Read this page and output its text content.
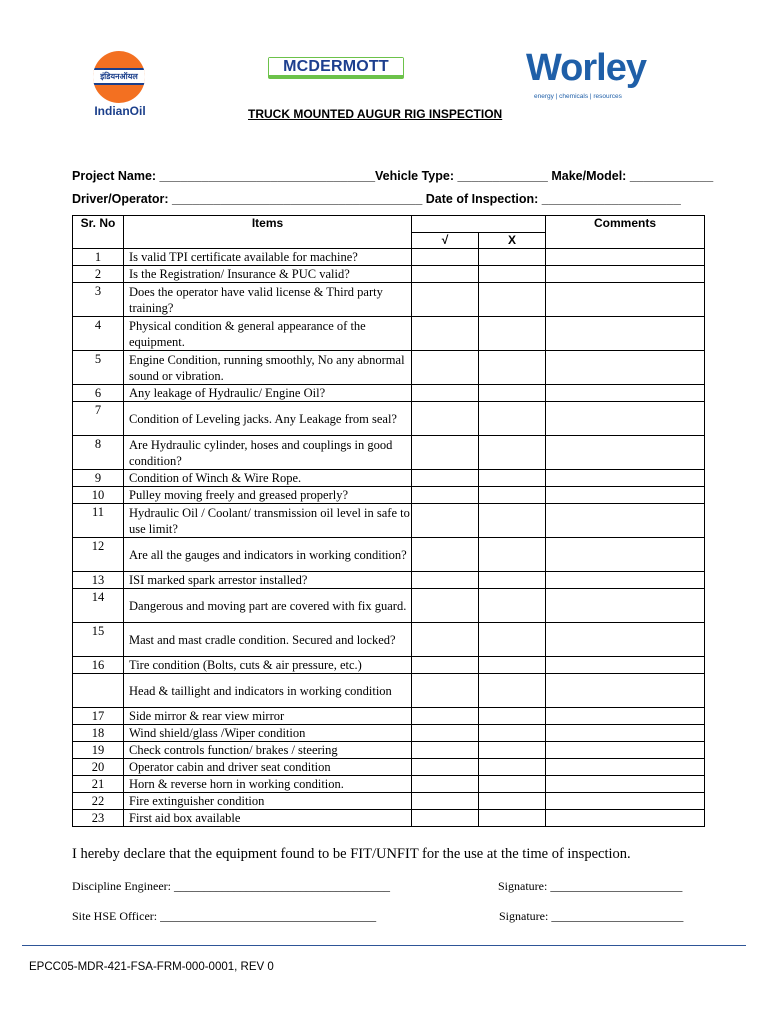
इंडियनऑयल
IndianOil
MCDERMOTT	Worley
energy | chemicals | resources
TRUCK MOUNTED AUGUR RIG INSPECTION
Project Name: _______________________________Vehicle Type: _____________ Make/Model: ____________
Driver/Operator: ____________________________________ Date of Inspection: ____________________
Sr. No	Items			Comments
		√	X	
1	Is valid TPI certificate available for machine?			
2	Is the Registration/ Insurance & PUC valid?			
3	Does the operator have valid license & Third party training?			
4	Physical condition & general appearance of the equipment.			
5	Engine Condition, running smoothly, No any abnormal sound or vibration.			
6	Any leakage of Hydraulic/ Engine Oil?			
7	Condition of Leveling jacks. Any Leakage from seal?			
8	Are Hydraulic cylinder, hoses and couplings in good condition?			
9	Condition of Winch & Wire Rope.			
10	Pulley moving freely and greased properly?			
11	Hydraulic Oil / Coolant/ transmission oil level in safe to use limit?			
12	Are all the gauges and indicators in working condition?			
13	ISI marked spark arrestor installed?			
14	Dangerous and moving part are covered with fix guard.			
15	Mast and mast cradle condition. Secured and locked?			
16	Tire condition (Bolts, cuts & air pressure, etc.)			
	Head & taillight and indicators in working condition			
17	Side mirror & rear view mirror			
18	Wind shield/glass /Wiper condition			
19	Check controls function/ brakes / steering			
20	Operator cabin and driver seat condition			
21	Horn & reverse horn in working condition.			
22	Fire extinguisher condition			
23	First aid box available			
I hereby declare that the equipment found to be FIT/UNFIT for the use at the time of inspection.
Discipline Engineer: ____________________________________	Signature: ______________________
Site HSE Officer: ____________________________________	Signature: ______________________
EPCC05-MDR-421-FSA-FRM-000-0001, REV 0
